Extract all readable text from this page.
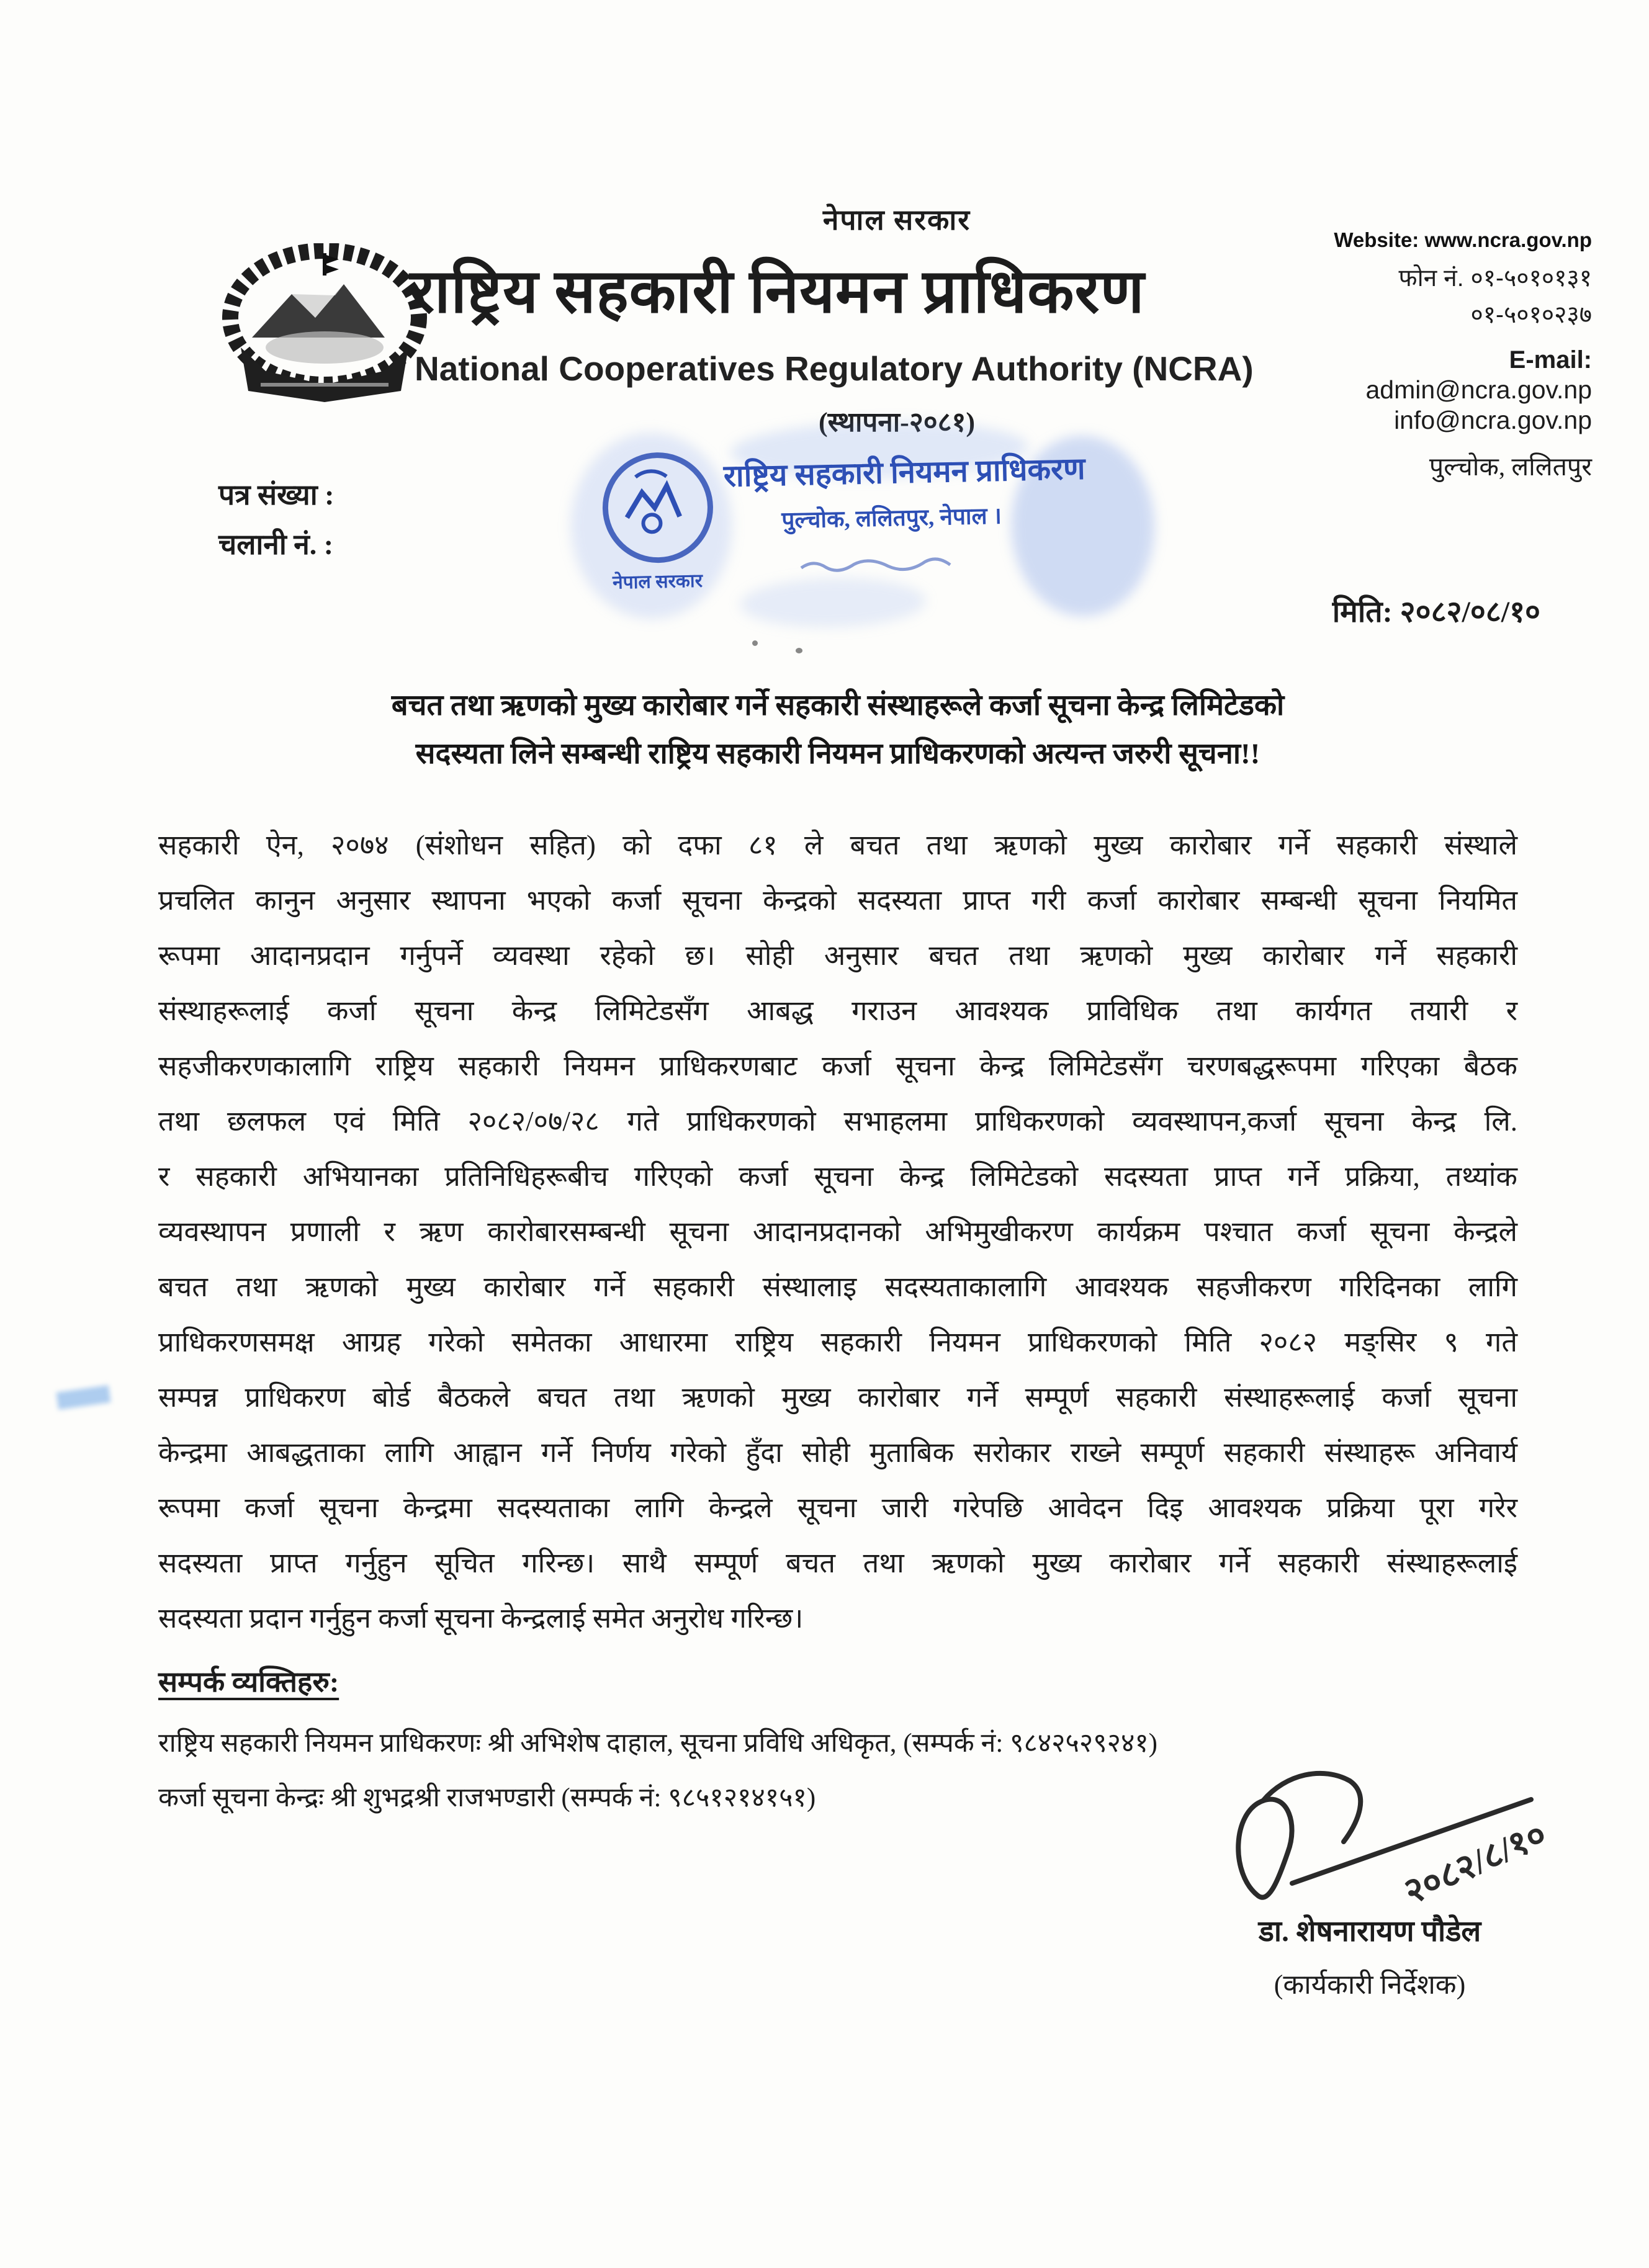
नेपाल सरकार
राष्ट्रिय सहकारी नियमन प्राधिकरण
National Cooperatives Regulatory Authority (NCRA)
(स्थापना-२०८१)
Website: www.ncra.gov.np
फोन नं. ०१-५०१०१३१
०१-५०१०२३७
E-mail:
admin@ncra.gov.np
info@ncra.gov.np
पुल्चोक, ललितपुर
पत्र संख्या :
चलानी नं. :
नेपाल सरकार
राष्ट्रिय सहकारी नियमन प्राधिकरण
पुल्चोक, ललितपुर, नेपाल ।
मिति: २०८२/०८/१०
बचत तथा ऋणको मुख्य कारोबार गर्ने सहकारी संस्थाहरूले कर्जा सूचना केन्द्र लिमिटेडको
सदस्यता लिने सम्बन्धी राष्ट्रिय सहकारी नियमन प्राधिकरणको अत्यन्त जरुरी सूचना!!
सहकारी ऐन, २०७४ (संशोधन सहित) को दफा ८१ ले बचत तथा ऋणको मुख्य कारोबार गर्ने सहकारी संस्थाले
प्रचलित कानुन अनुसार स्थापना भएको कर्जा सूचना केन्द्रको सदस्यता प्राप्त गरी कर्जा कारोबार सम्बन्धी सूचना नियमित
रूपमा आदानप्रदान गर्नुपर्ने व्यवस्था रहेको छ। सोही अनुसार बचत तथा ऋणको मुख्य कारोबार गर्ने सहकारी
संस्थाहरूलाई कर्जा सूचना केन्द्र लिमिटेडसँग आबद्ध गराउन आवश्यक प्राविधिक तथा कार्यगत तयारी र
सहजीकरणकालागि राष्ट्रिय सहकारी नियमन प्राधिकरणबाट कर्जा सूचना केन्द्र लिमिटेडसँग चरणबद्धरूपमा गरिएका बैठक
तथा छलफल एवं मिति २०८२/०७/२८ गते प्राधिकरणको सभाहलमा प्राधिकरणको व्यवस्थापन,कर्जा सूचना केन्द्र लि.
र सहकारी अभियानका प्रतिनिधिहरूबीच गरिएको कर्जा सूचना केन्द्र लिमिटेडको सदस्यता प्राप्त गर्ने प्रक्रिया, तथ्यांक
व्यवस्थापन प्रणाली र ऋण कारोबारसम्बन्धी सूचना आदानप्रदानको अभिमुखीकरण कार्यक्रम पश्चात कर्जा सूचना केन्द्रले
बचत तथा ऋणको मुख्य कारोबार गर्ने सहकारी संस्थालाइ सदस्यताकालागि आवश्यक सहजीकरण गरिदिनका लागि
प्राधिकरणसमक्ष आग्रह गरेको समेतका आधारमा राष्ट्रिय सहकारी नियमन प्राधिकरणको मिति २०८२ मङ्सिर ९ गते
सम्पन्न प्राधिकरण बोर्ड बैठकले बचत तथा ऋणको मुख्य कारोबार गर्ने सम्पूर्ण सहकारी संस्थाहरूलाई कर्जा सूचना
केन्द्रमा आबद्धताका लागि आह्वान गर्ने निर्णय गरेको हुँदा सोही मुताबिक सरोकार राख्ने सम्पूर्ण सहकारी संस्थाहरू अनिवार्य
रूपमा कर्जा सूचना केन्द्रमा सदस्यताका लागि केन्द्रले सूचना जारी गरेपछि आवेदन दिइ आवश्यक प्रक्रिया पूरा गरेर
सदस्यता प्राप्त गर्नुहुन सूचित गरिन्छ। साथै सम्पूर्ण बचत तथा ऋणको मुख्य कारोबार गर्ने सहकारी संस्थाहरूलाई
सदस्यता प्रदान गर्नुहुन कर्जा सूचना केन्द्रलाई समेत अनुरोध गरिन्छ।
सम्पर्क व्यक्तिहरु:
राष्ट्रिय सहकारी नियमन प्राधिकरणः श्री अभिशेष दाहाल, सूचना प्रविधि अधिकृत, (सम्पर्क नं: ९८४२५२९२४१)
कर्जा सूचना केन्द्रः श्री शुभद्रश्री राजभण्डारी (सम्पर्क नं: ९८५१२१४१५१)
२०८२/८/१०
डा. शेषनारायण पौडेल
(कार्यकारी निर्देशक)
